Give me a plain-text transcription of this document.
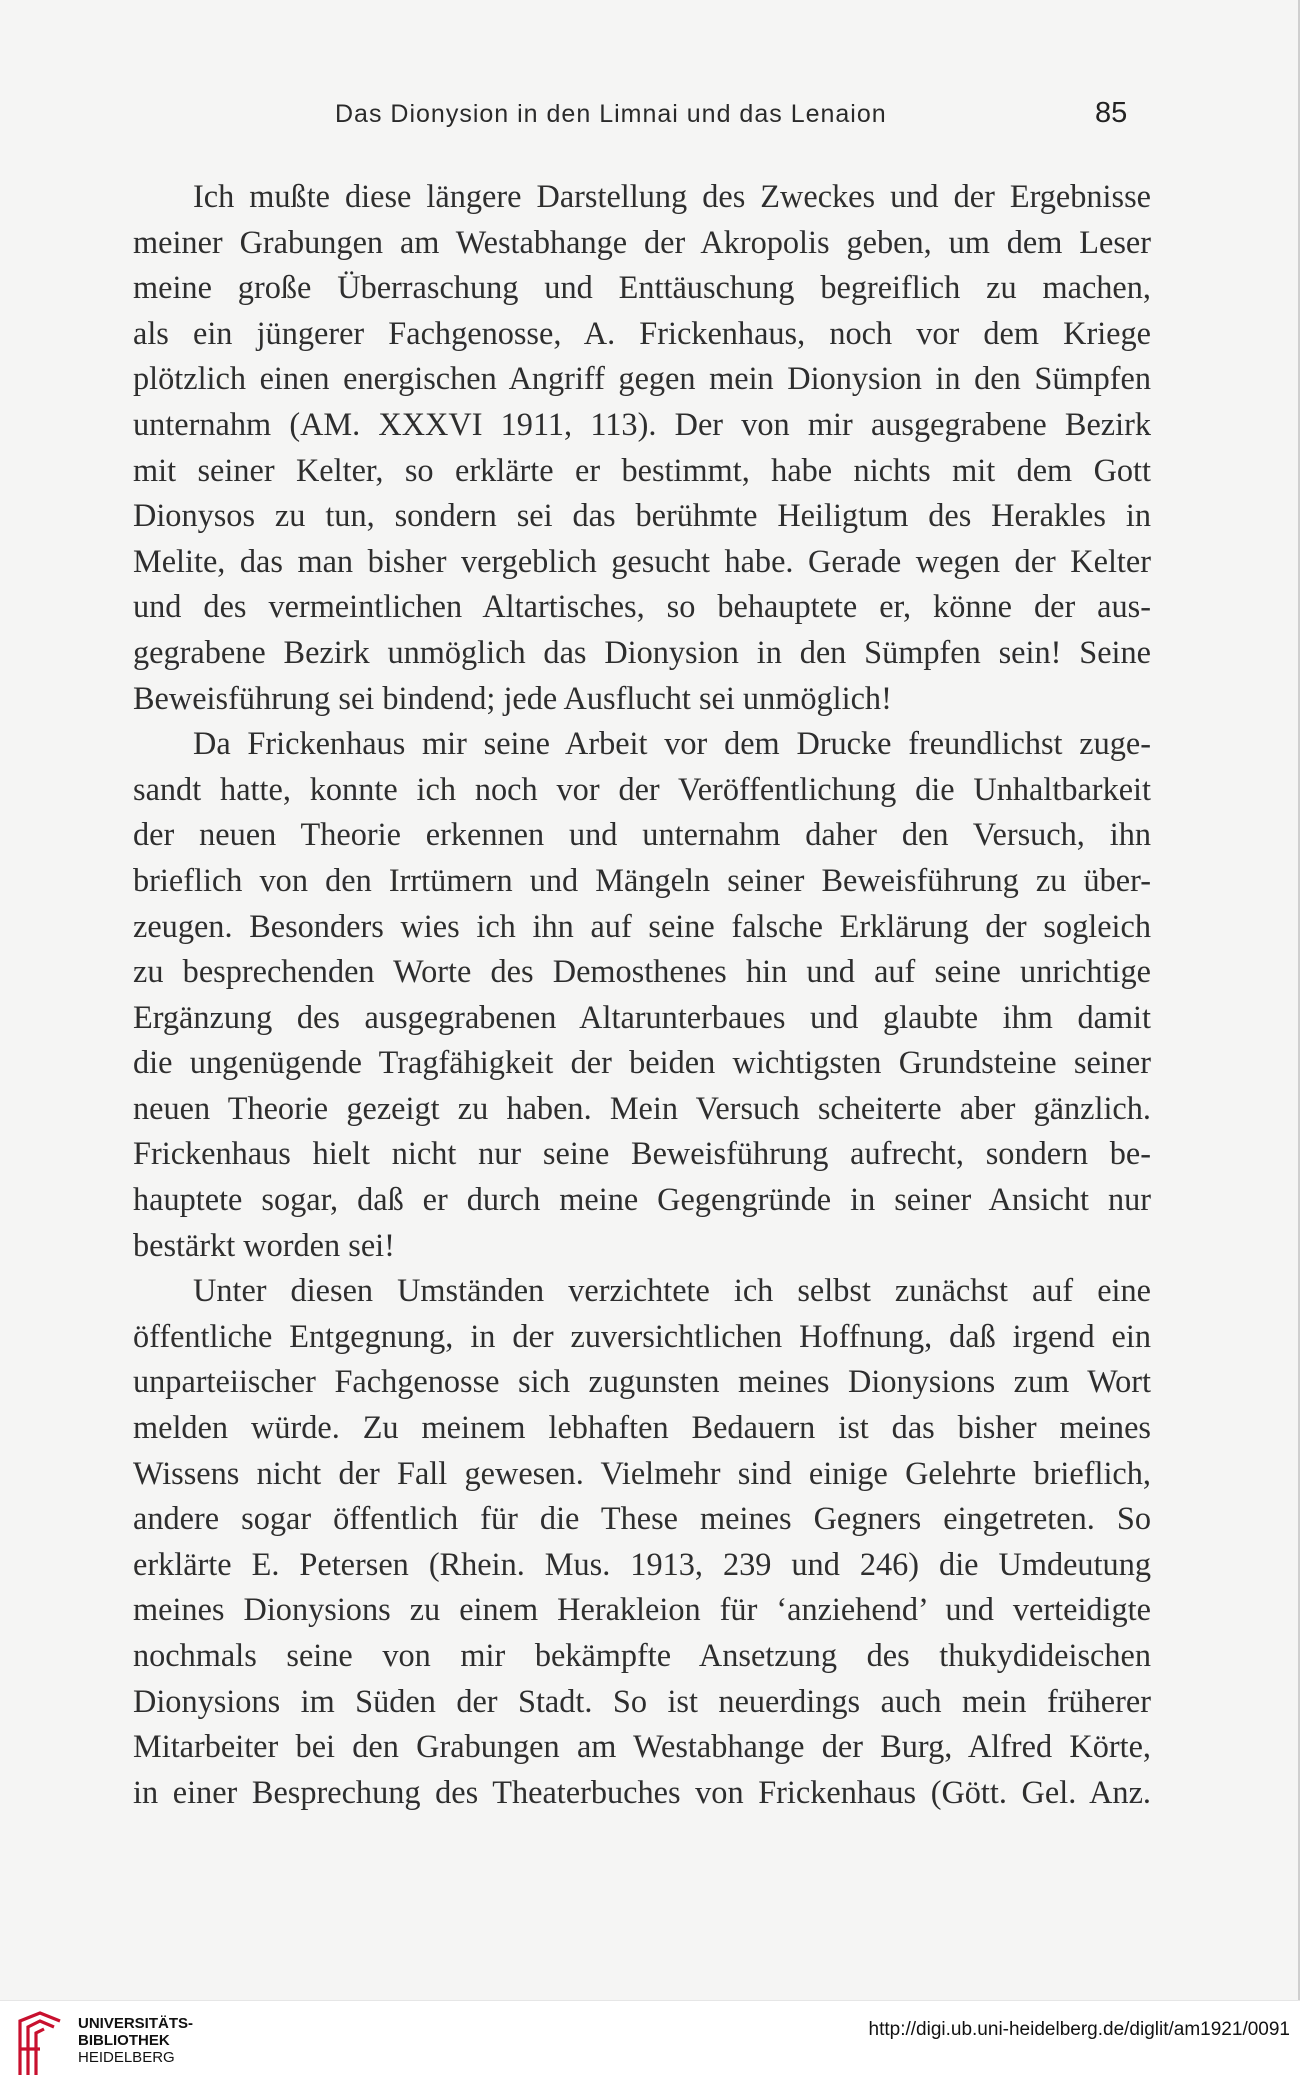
Das Dionysion in den Limnai und das Lenaion	85
Ich mußte diese längere Darstellung des Zweckes und der Ergebnisse
meiner Grabungen am Westabhange der Akropolis geben, um dem Leser
meine große Überraschung und Enttäuschung begreiflich zu machen,
als ein jüngerer Fachgenosse, A. Frickenhaus, noch vor dem Kriege
plötzlich einen energischen Angriff gegen mein Dionysion in den Sümpfen
unternahm (AM. XXXVI 1911, 113). Der von mir ausgegrabene Bezirk
mit seiner Kelter, so erklärte er bestimmt, habe nichts mit dem Gott
Dionysos zu tun, sondern sei das berühmte Heiligtum des Herakles in
Melite, das man bisher vergeblich gesucht habe. Gerade wegen der Kelter
und des vermeintlichen Altartisches, so behauptete er, könne der aus-
gegrabene Bezirk unmöglich das Dionysion in den Sümpfen sein! Seine
Beweisführung sei bindend; jede Ausflucht sei unmöglich!
Da Frickenhaus mir seine Arbeit vor dem Drucke freundlichst zuge-
sandt hatte, konnte ich noch vor der Veröffentlichung die Unhaltbarkeit
der neuen Theorie erkennen und unternahm daher den Versuch, ihn
brieflich von den Irrtümern und Mängeln seiner Beweisführung zu über-
zeugen. Besonders wies ich ihn auf seine falsche Erklärung der sogleich
zu besprechenden Worte des Demosthenes hin und auf seine unrichtige
Ergänzung des ausgegrabenen Altarunterbaues und glaubte ihm damit
die ungenügende Tragfähigkeit der beiden wichtigsten Grundsteine seiner
neuen Theorie gezeigt zu haben. Mein Versuch scheiterte aber gänzlich.
Frickenhaus hielt nicht nur seine Beweisführung aufrecht, sondern be-
hauptete sogar, daß er durch meine Gegengründe in seiner Ansicht nur
bestärkt worden sei!
Unter diesen Umständen verzichtete ich selbst zunächst auf eine
öffentliche Entgegnung, in der zuversichtlichen Hoffnung, daß irgend ein
unparteiischer Fachgenosse sich zugunsten meines Dionysions zum Wort
melden würde. Zu meinem lebhaften Bedauern ist das bisher meines
Wissens nicht der Fall gewesen. Vielmehr sind einige Gelehrte brieflich,
andere sogar öffentlich für die These meines Gegners eingetreten. So
erklärte E. Petersen (Rhein. Mus. 1913, 239 und 246) die Umdeutung
meines Dionysions zu einem Herakleion für ‘anziehend’ und verteidigte
nochmals seine von mir bekämpfte Ansetzung des thukydideischen
Dionysions im Süden der Stadt. So ist neuerdings auch mein früherer
Mitarbeiter bei den Grabungen am Westabhange der Burg, Alfred Körte,
in einer Besprechung des Theaterbuches von Frickenhaus (Gött. Gel. Anz.
UNIVERSITÄTS-
BIBLIOTHEK
HEIDELBERG
http://digi.ub.uni-heidelberg.de/diglit/am1921/0091
